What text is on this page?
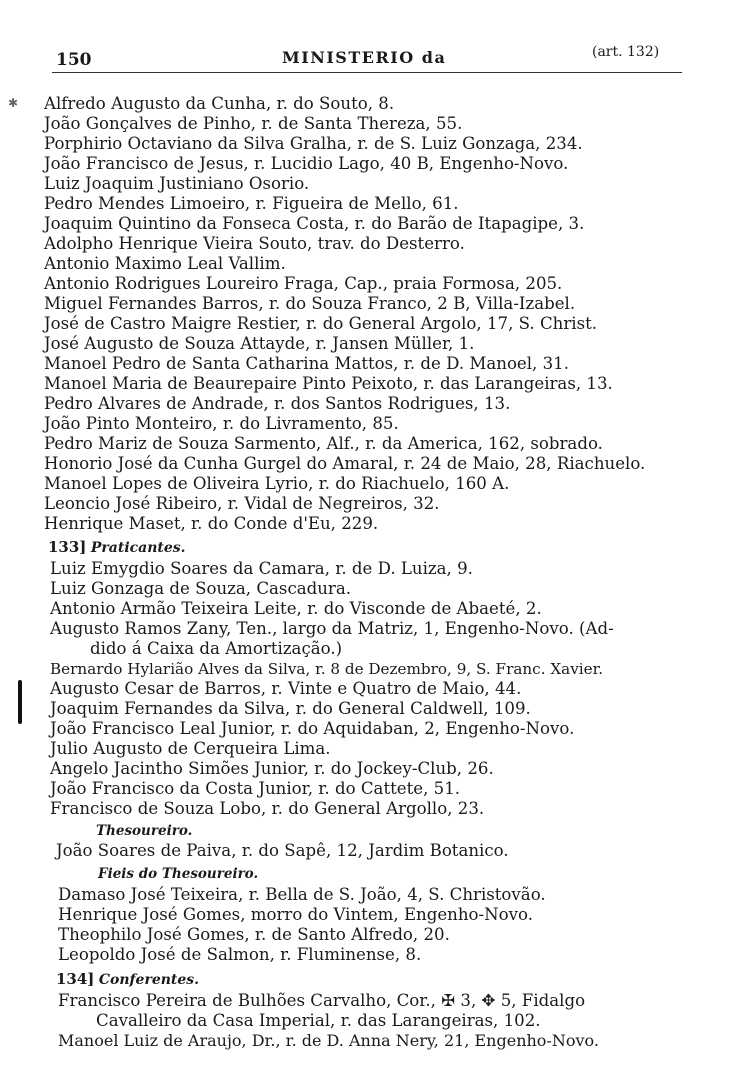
150	MINISTERIO da	(art. 132)
✱ Alfredo Augusto da Cunha, r. do Souto, 8.
João Gonçalves de Pinho, r. de Santa Therezа, 55.
Porphirio Octaviano da Silva Gralha, r. de S. Luiz Gonzaga, 234.
João Francisco de Jesus, r. Lucidio Lago, 40 B, Engenho-Novo.
Luiz Joaquim Justiniano Osorio.
Pedro Mendes Limoeiro, r. Figueira de Mello, 61.
Joaquim Quintino da Fonseca Costa, r. do Barão de Itapagipe, 3.
Adolpho Henrique Vieira Souto, trav. do Desterro.
Antonio Maximo Leal Vallim.
Antonio Rodrigues Loureiro Fraga, Cap., praia Formosa, 205.
Miguel Fernandes Barros, r. do Souza Franco, 2 B, Villa-Izabel.
José de Castro Maigre Restier, r. do General Argolo, 17, S. Christ.
José Augusto de Souza Attayde, r. Jansen Müller, 1.
Manoel Pedro de Santa Catharina Mattos, r. de D. Manoel, 31.
Manoel Maria de Beaurepaire Pinto Peixoto, r. das Larangeiras, 13.
Pedro Alvares de Andrade, r. dos Santos Rodrigues, 13.
João Pinto Monteiro, r. do Livramento, 85.
Pedro Mariz de Souza Sarmento, Alf., r. da America, 162, sobrado.
Honorio José da Cunha Gurgel do Amaral, r. 24 de Maio, 28, Riachuelo.
Manoel Lopes de Oliveira Lyrio, r. do Riachuelo, 160 A.
Leoncio José Ribeiro, r. Vidal de Negreiros, 32.
Henrique Maset, r. do Conde d'Eu, 229.
133] Praticantes.
Luiz Emygdio Soares da Camara, r. de D. Luiza, 9.
Luiz Gonzaga de Souza, Cascadura.
Antonio Armão Teixeira Leite, r. do Visconde de Abaeté, 2.
Augusto Ramos Zany, Ten., largo da Matriz, 1, Engenho-Novo. (Ad-
dido á Caixa da Amortização.)
Bernardo Hylarião Alves da Silva, r. 8 de Dezembro, 9, S. Franc. Xavier.
Augusto Cesar de Barros, r. Vinte e Quatro de Maio, 44.
Joaquim Fernandes da Silva, r. do General Caldwell, 109.
João Francisco Leal Junior, r. do Aquidaban, 2, Engenho-Novo.
Julio Augusto de Cerqueira Lima.
Angelo Jacintho Simões Junior, r. do Jockey-Club, 26.
João Francisco da Costa Junior, r. do Cattete, 51.
Francisco de Souza Lobo, r. do General Argollo, 23.
Thesoureiro.
João Soares de Paiva, r. do Sapê, 12, Jardim Botanico.
Fieis do Thesoureiro.
Damaso José Teixeira, r. Bella de S. João, 4, S. Christovão.
Henrique José Gomes, morro do Vintem, Engenho-Novo.
Theophilo José Gomes, r. de Santo Alfredo, 20.
Leopoldo José de Salmon, r. Fluminense, 8.
134] Conferentes.
Francisco Pereira de Bulhões Carvalho, Cor., ✠ 3, ✥ 5, Fidalgo
Cavalleiro da Casa Imperial, r. das Larangeiras, 102.
Manoel Luiz de Araujo, Dr., r. de D. Anna Nery, 21, Engenho-Novo.
